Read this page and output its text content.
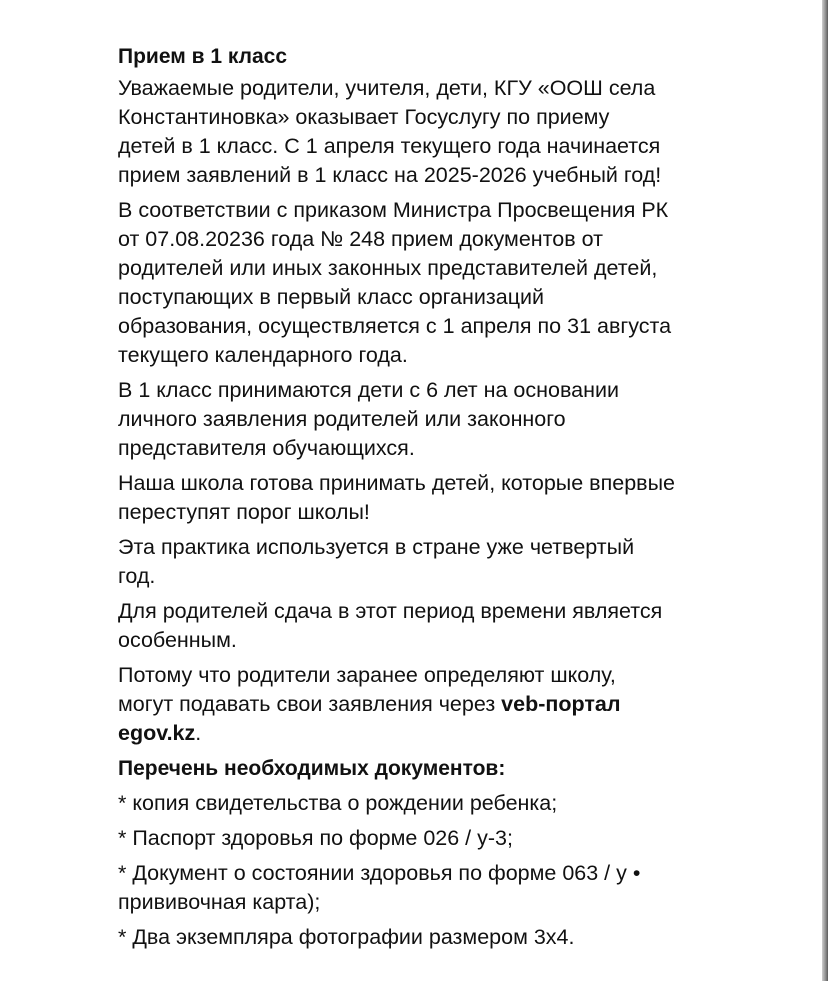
Прием в 1 класс
Уважаемые родители, учителя, дети, КГУ «ООШ села
Константиновка» оказывает Госуслугу по приему
детей в 1 класс. С 1 апреля текущего года начинается
прием заявлений в 1 класс на 2025-2026 учебный год!
В соответствии с приказом Министра Просвещения РК
от 07.08.20236 года № 248 прием документов от
родителей или иных законных представителей детей,
поступающих в первый класс организаций
образования, осуществляется с 1 апреля по 31 августа
текущего календарного года.
В 1 класс принимаются дети с 6 лет на основании
личного заявления родителей или законного
представителя обучающихся.
Наша школа готова принимать детей, которые впервые
переступят порог школы!
Эта практика используется в стране уже четвертый
год.
Для родителей сдача в этот период времени является
особенным.
Потому что родители заранее определяют школу,
могут подавать свои заявления через veb-портал
egov.kz.
Перечень необходимых документов:
* копия свидетельства о рождении ребенка;
* Паспорт здоровья по форме 026 / у-3;
* Документ о состоянии здоровья по форме 063 / у •
прививочная карта);
* Два экземпляра фотографии размером 3х4.
